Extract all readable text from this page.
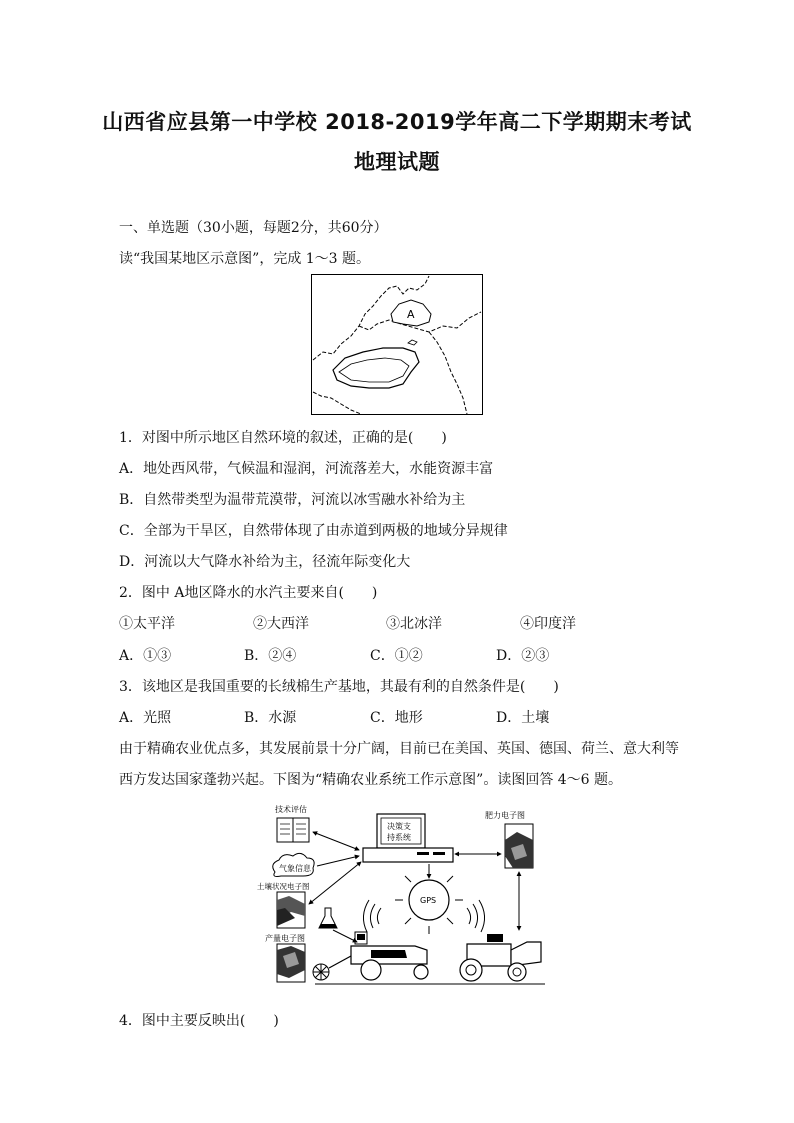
山西省应县第一中学校 2018-2019学年高二下学期期末考试
地理试题
一、单选题（30小题，每题2分，共60分）
读“我国某地区示意图”，完成 1～3 题。
A
1．对图中所示地区自然环境的叙述，正确的是(　　)
A．地处西风带，气候温和湿润，河流落差大，水能资源丰富
B．自然带类型为温带荒漠带，河流以冰雪融水补给为主
C．全部为干旱区，自然带体现了由赤道到两极的地域分异规律
D．河流以大气降水补给为主，径流年际变化大
2．图中 A地区降水的水汽主要来自(　　)
①太平洋	②大西洋	③北冰洋	④印度洋
A．①③	B．②④	C．①②	D．②③
3．该地区是我国重要的长绒棉生产基地，其最有利的自然条件是(　　)
A．光照	B．水源	C．地形	D．土壤
由于精确农业优点多，其发展前景十分广阔，目前已在美国、英国、德国、荷兰、意大利等
西方发达国家蓬勃兴起。下图为“精确农业系统工作示意图”。读图回答 4～6 题。
技术评估
气象信息
土壤状况电子图
产量电子图
决策支
持系统
肥力电子图
GPS
4．图中主要反映出(　　)
